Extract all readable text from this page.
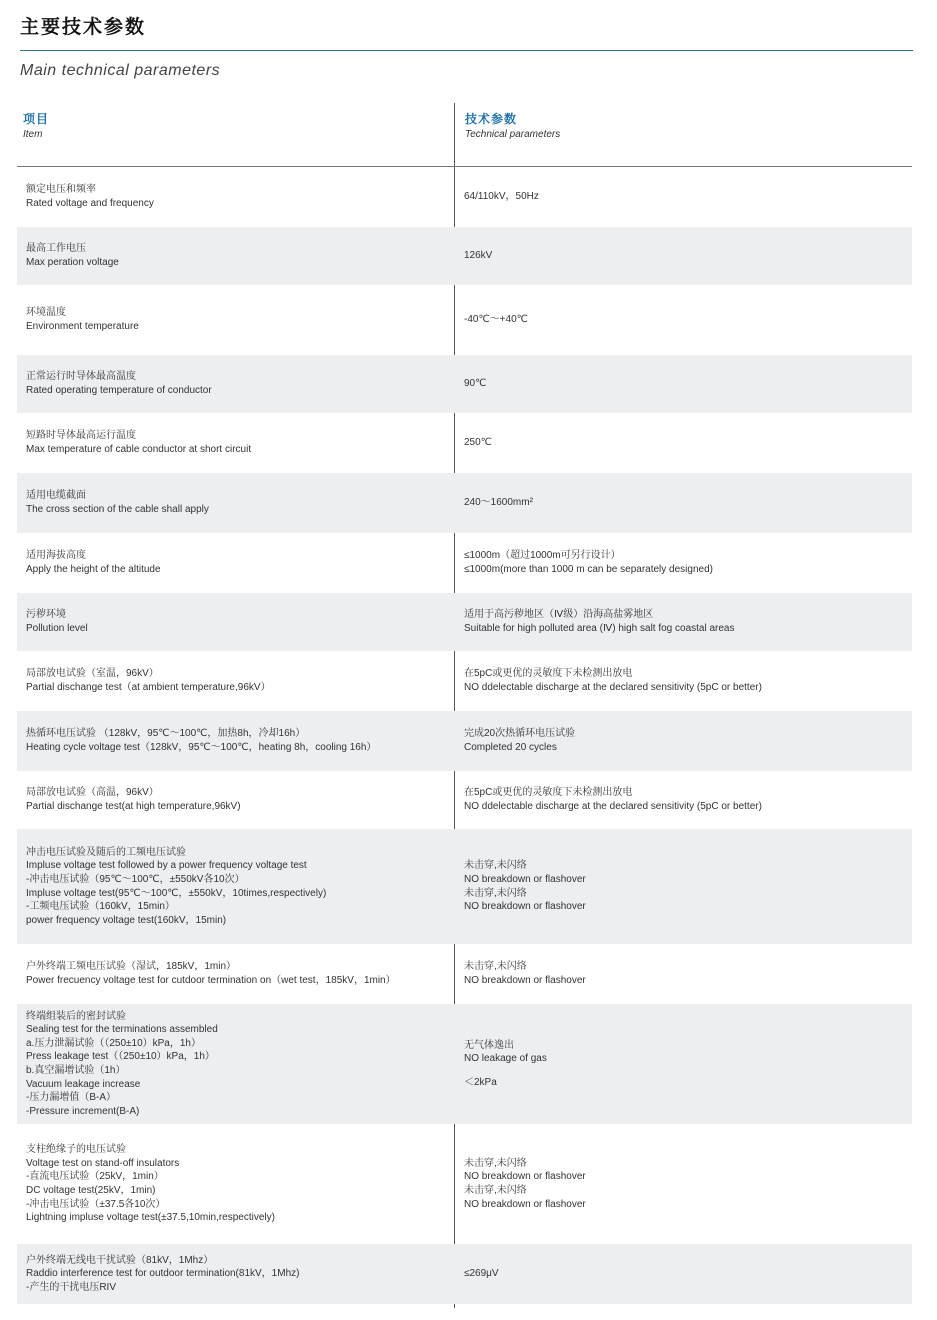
主要技术参数
Main technical parameters
项目
Item
技术参数
Technical parameters
额定电压和频率
Rated voltage and frequency
64/110kV，50Hz
最高工作电压
Max peration voltage
126kV
环境温度
Environment temperature
-40℃～+40℃
正常运行时导体最高温度
Rated operating temperature of conductor
90℃
短路时导体最高运行温度
Max temperature of cable conductor at short circuit
250℃
适用电缆截面
The cross section of the cable shall apply
240～1600mm²
适用海拔高度
Apply the height of the altitude
≤1000m（超过1000m可另行设计）
≤1000m(more than 1000 m can be separately designed)
污秽环境
Pollution level
适用于高污秽地区（Ⅳ级）沿海高盐雾地区
Suitable for high polluted area (Ⅳ) high salt fog coastal areas
局部放电试验（室温，96kV）
Partial dischange test（at ambient temperature,96kV）
在5pC或更优的灵敏度下未检测出放电
NO ddelectable discharge at the declared sensitivity (5pC or better)
热循环电压试验 （128kV，95℃～100℃，加热8h，冷却16h）
Heating cycle voltage test（128kV，95℃～100℃，heating 8h，cooling 16h）
完成20次热循环电压试验
Completed 20 cycles
局部放电试验（高温，96kV）
Partial dischange test(at high temperature,96kV)
在5pC或更优的灵敏度下未检测出放电
NO ddelectable discharge at the declared sensitivity (5pC or better)
冲击电压试验及随后的工频电压试验
Impluse voltage test followed by a power frequency voltage test
-冲击电压试验（95℃～100℃，±550kV各10次）
Impluse voltage test(95℃～100℃，±550kV，10times,respectively)
-工频电压试验（160kV，15min）
power frequency voltage test(160kV，15min)
未击穿,未闪络
NO breakdown or flashover
未击穿,未闪络
NO breakdown or flashover
户外终端工频电压试验（湿试，185kV，1min）
Power frecuency voltage test for cutdoor termination on（wet test，185kV，1min）
未击穿,未闪络
NO breakdown or flashover
终端组装后的密封试验
Sealing test for the terminations assembled
a.压力泄漏试验（（250±10）kPa，1h）
Press leakage test（（250±10）kPa，1h）
b.真空漏增试验（1h）
Vacuum leakage increase
-压力漏增值（B-A）
-Pressure increment(B-A)
无气体逸出
NO leakage of gas
＜2kPa
支柱绝缘子的电压试验
Voltage test on stand-off insulators
-直流电压试验（25kV，1min）
DC voltage test(25kV，1min)
-冲击电压试验（±37.5各10次）
Lightning impluse voltage test(±37.5,10min,respectively)
未击穿,未闪络
NO breakdown or flashover
未击穿,未闪络
NO breakdown or flashover
户外终端无线电干扰试验（81kV，1Mhz）
Raddio interference test for outdoor termination(81kV，1Mhz)
-产生的干扰电压RIV
≤269μV
